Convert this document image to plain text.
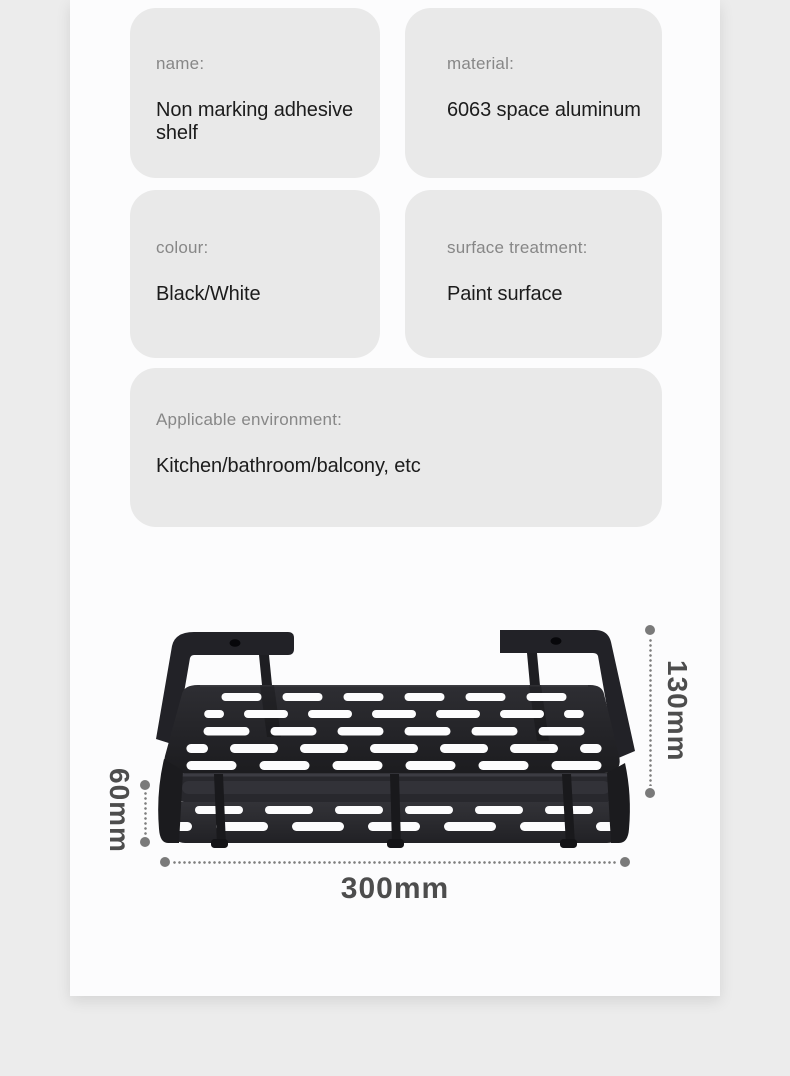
name:
Non marking adhesive shelf
material:
6063 space aluminum
colour:
Black/White
surface treatment:
Paint surface
Applicable environment:
Kitchen/bathroom/balcony, etc
130mm
60mm
300mm
